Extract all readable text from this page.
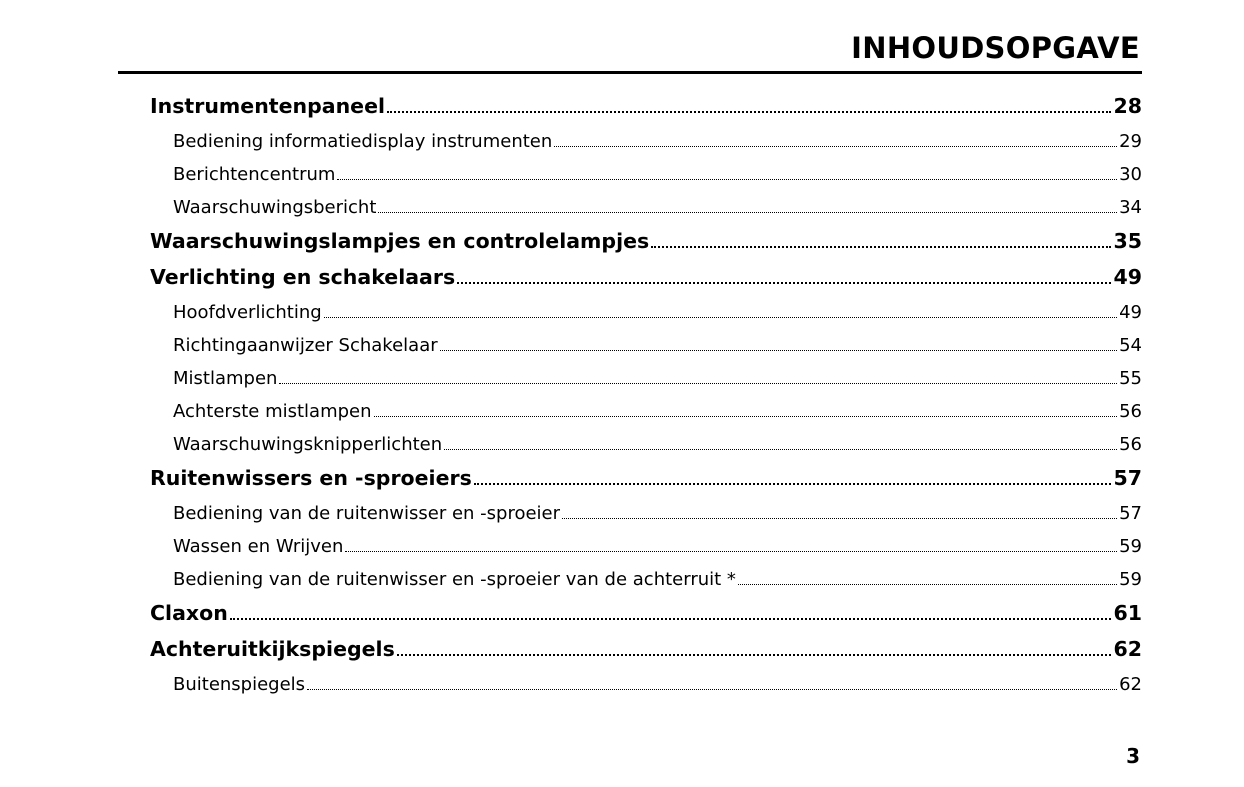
INHOUDSOPGAVE
Instrumentenpaneel	28
Bediening informatiedisplay instrumenten	29
Berichtencentrum	30
Waarschuwingsbericht	34
Waarschuwingslampjes en controlelampjes	35
Verlichting en schakelaars	49
Hoofdverlichting	49
Richtingaanwijzer Schakelaar	54
Mistlampen	55
Achterste mistlampen	56
Waarschuwingsknipperlichten	56
Ruitenwissers en -sproeiers	57
Bediening van de ruitenwisser en -sproeier	57
Wassen en Wrijven	59
Bediening van de ruitenwisser en -sproeier van de achterruit *	59
Claxon	61
Achteruitkijkspiegels	62
Buitenspiegels	62
3
